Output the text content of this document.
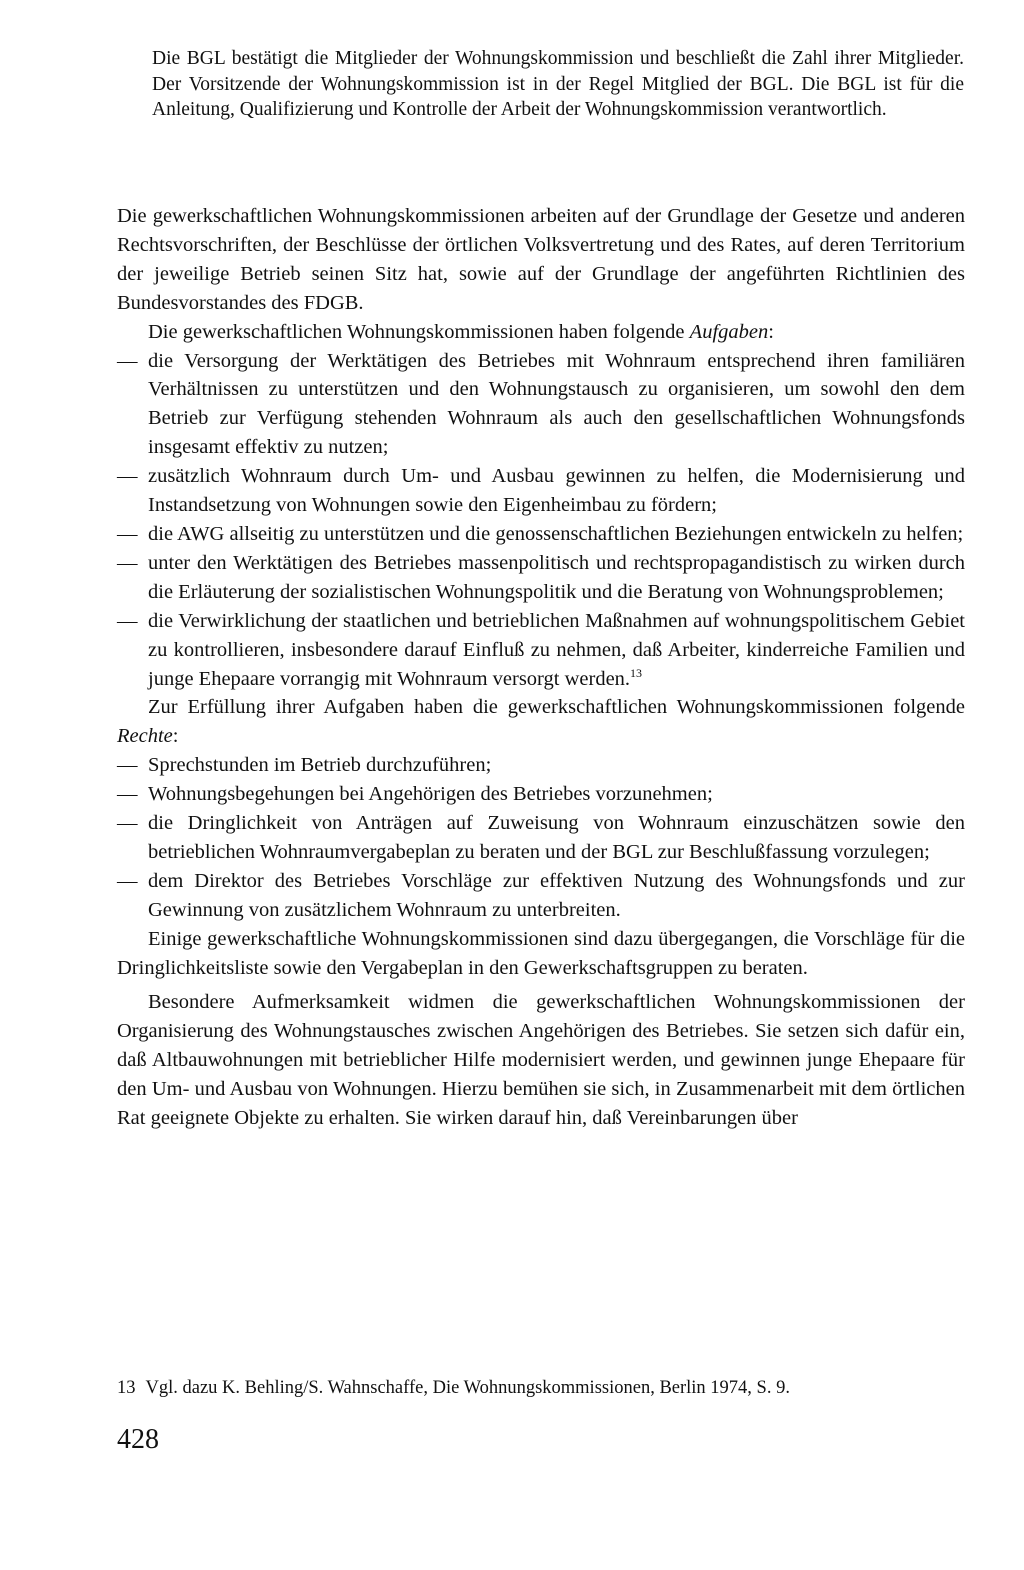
Die BGL bestätigt die Mitglieder der Wohnungskommission und beschließt die Zahl ihrer Mitglieder. Der Vorsitzende der Wohnungskommission ist in der Regel Mitglied der BGL. Die BGL ist für die Anleitung, Qualifizierung und Kontrolle der Arbeit der Wohnungskommission verantwortlich.

Die gewerkschaftlichen Wohnungskommissionen arbeiten auf der Grundlage der Gesetze und anderen Rechtsvorschriften, der Beschlüsse der örtlichen Volksvertretung und des Rates, auf deren Territorium der jeweilige Betrieb seinen Sitz hat, sowie auf der Grundlage der angeführten Richtlinien des Bundesvorstandes des FDGB.

Die gewerkschaftlichen Wohnungskommissionen haben folgende Aufgaben:

— die Versorgung der Werktätigen des Betriebes mit Wohnraum entsprechend ihren familiären Verhältnissen zu unterstützen und den Wohnungstausch zu organisieren, um sowohl den dem Betrieb zur Verfügung stehenden Wohnraum als auch den gesellschaftlichen Wohnungsfonds insgesamt effektiv zu nutzen;
— zusätzlich Wohnraum durch Um- und Ausbau gewinnen zu helfen, die Modernisierung und Instandsetzung von Wohnungen sowie den Eigenheimbau zu fördern;
— die AWG allseitig zu unterstützen und die genossenschaftlichen Beziehungen entwickeln zu helfen;
— unter den Werktätigen des Betriebes massenpolitisch und rechtspropagandistisch zu wirken durch die Erläuterung der sozialistischen Wohnungspolitik und die Beratung von Wohnungsproblemen;
— die Verwirklichung der staatlichen und betrieblichen Maßnahmen auf wohnungspolitischem Gebiet zu kontrollieren, insbesondere darauf Einfluß zu nehmen, daß Arbeiter, kinderreiche Familien und junge Ehepaare vorrangig mit Wohnraum versorgt werden.$^{13}$

Zur Erfüllung ihrer Aufgaben haben die gewerkschaftlichen Wohnungskommissionen folgende Rechte:

— Sprechstunden im Betrieb durchzuführen;
— Wohnungsbegehungen bei Angehörigen des Betriebes vorzunehmen;
— die Dringlichkeit von Anträgen auf Zuweisung von Wohnraum einzuschätzen sowie den betrieblichen Wohnraumvergabeplan zu beraten und der BGL zur Beschlußfassung vorzulegen;
— dem Direktor des Betriebes Vorschläge zur effektiven Nutzung des Wohnungsfonds und zur Gewinnung von zusätzlichem Wohnraum zu unterbreiten.

Einige gewerkschaftliche Wohnungskommissionen sind dazu übergegangen, die Vorschläge für die Dringlichkeitsliste sowie den Vergabeplan in den Gewerkschaftsgruppen zu beraten.

Besondere Aufmerksamkeit widmen die gewerkschaftlichen Wohnungskommissionen der Organisierung des Wohnungstausches zwischen Angehörigen des Betriebes. Sie setzen sich dafür ein, daß Altbauwohnungen mit betrieblicher Hilfe modernisiert werden, und gewinnen junge Ehepaare für den Um- und Ausbau von Wohnungen. Hierzu bemühen sie sich, in Zusammenarbeit mit dem örtlichen Rat geeignete Objekte zu erhalten. Sie wirken darauf hin, daß Vereinbarungen über

13 Vgl. dazu K. Behling/S. Wahnschaffe, Die Wohnungskommissionen, Berlin 1974, S. 9.
428
